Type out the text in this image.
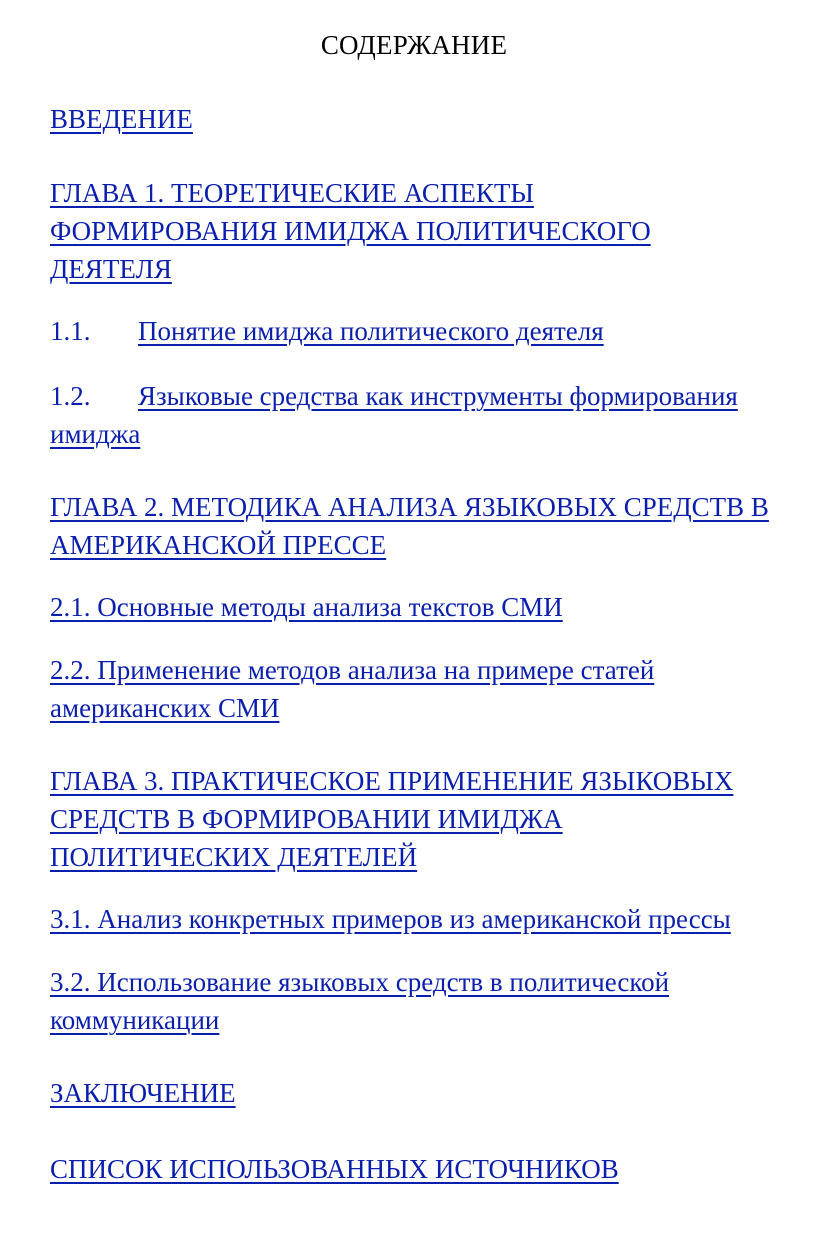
СОДЕРЖАНИЕ
ВВЕДЕНИЕ
ГЛАВА 1. ТЕОРЕТИЧЕСКИЕ АСПЕКТЫ ФОРМИРОВАНИЯ ИМИДЖА ПОЛИТИЧЕСКОГО ДЕЯТЕЛЯ
1.1. Понятие имиджа политического деятеля
1.2. Языковые средства как инструменты формирования имиджа
ГЛАВА 2. МЕТОДИКА АНАЛИЗА ЯЗЫКОВЫХ СРЕДСТВ В АМЕРИКАНСКОЙ ПРЕССЕ
2.1. Основные методы анализа текстов СМИ
2.2. Применение методов анализа на примере статей американских СМИ
ГЛАВА 3. ПРАКТИЧЕСКОЕ ПРИМЕНЕНИЕ ЯЗЫКОВЫХ СРЕДСТВ В ФОРМИРОВАНИИ ИМИДЖА ПОЛИТИЧЕСКИХ ДЕЯТЕЛЕЙ
3.1. Анализ конкретных примеров из американской прессы
3.2. Использование языковых средств в политической коммуникации
ЗАКЛЮЧЕНИЕ
СПИСОК ИСПОЛЬЗОВАННЫХ ИСТОЧНИКОВ
